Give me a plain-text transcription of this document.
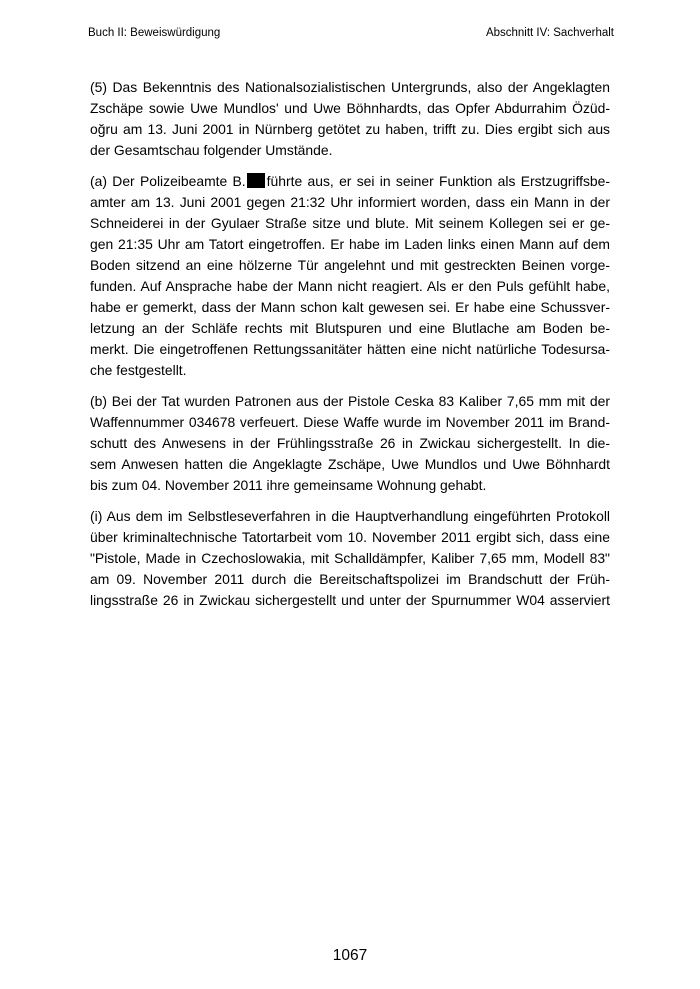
Buch II: Beweiswürdigung	Abschnitt IV: Sachverhalt
(5) Das Bekenntnis des Nationalsozialistischen Untergrunds, also der Angeklagten
Zschäpe sowie Uwe Mundlos' und Uwe Böhnhardts, das Opfer Abdurrahim Özüd-
oğru am 13. Juni 2001 in Nürnberg getötet zu haben, trifft zu. Dies ergibt sich aus
der Gesamtschau folgender Umstände.
(a) Der Polizeibeamte B. führte aus, er sei in seiner Funktion als Erstzugriffsbe-
amter am 13. Juni 2001 gegen 21:32 Uhr informiert worden, dass ein Mann in der
Schneiderei in der Gyulaer Straße sitze und blute. Mit seinem Kollegen sei er ge-
gen 21:35 Uhr am Tatort eingetroffen. Er habe im Laden links einen Mann auf dem
Boden sitzend an eine hölzerne Tür angelehnt und mit gestreckten Beinen vorge-
funden. Auf Ansprache habe der Mann nicht reagiert. Als er den Puls gefühlt habe,
habe er gemerkt, dass der Mann schon kalt gewesen sei. Er habe eine Schussver-
letzung an der Schläfe rechts mit Blutspuren und eine Blutlache am Boden be-
merkt. Die eingetroffenen Rettungssanitäter hätten eine nicht natürliche Todesursa-
che festgestellt.
(b) Bei der Tat wurden Patronen aus der Pistole Ceska 83 Kaliber 7,65 mm mit der
Waffennummer 034678 verfeuert. Diese Waffe wurde im November 2011 im Brand-
schutt des Anwesens in der Frühlingsstraße 26 in Zwickau sichergestellt. In die-
sem Anwesen hatten die Angeklagte Zschäpe, Uwe Mundlos und Uwe Böhnhardt
bis zum 04. November 2011 ihre gemeinsame Wohnung gehabt.
(i) Aus dem im Selbstleseverfahren in die Hauptverhandlung eingeführten Protokoll
über kriminaltechnische Tatortarbeit vom 10. November 2011 ergibt sich, dass eine
"Pistole, Made in Czechoslowakia, mit Schalldämpfer, Kaliber 7,65 mm, Modell 83"
am 09. November 2011 durch die Bereitschaftspolizei im Brandschutt der Früh-
lingsstraße 26 in Zwickau sichergestellt und unter der Spurnummer W04 asserviert
1067
